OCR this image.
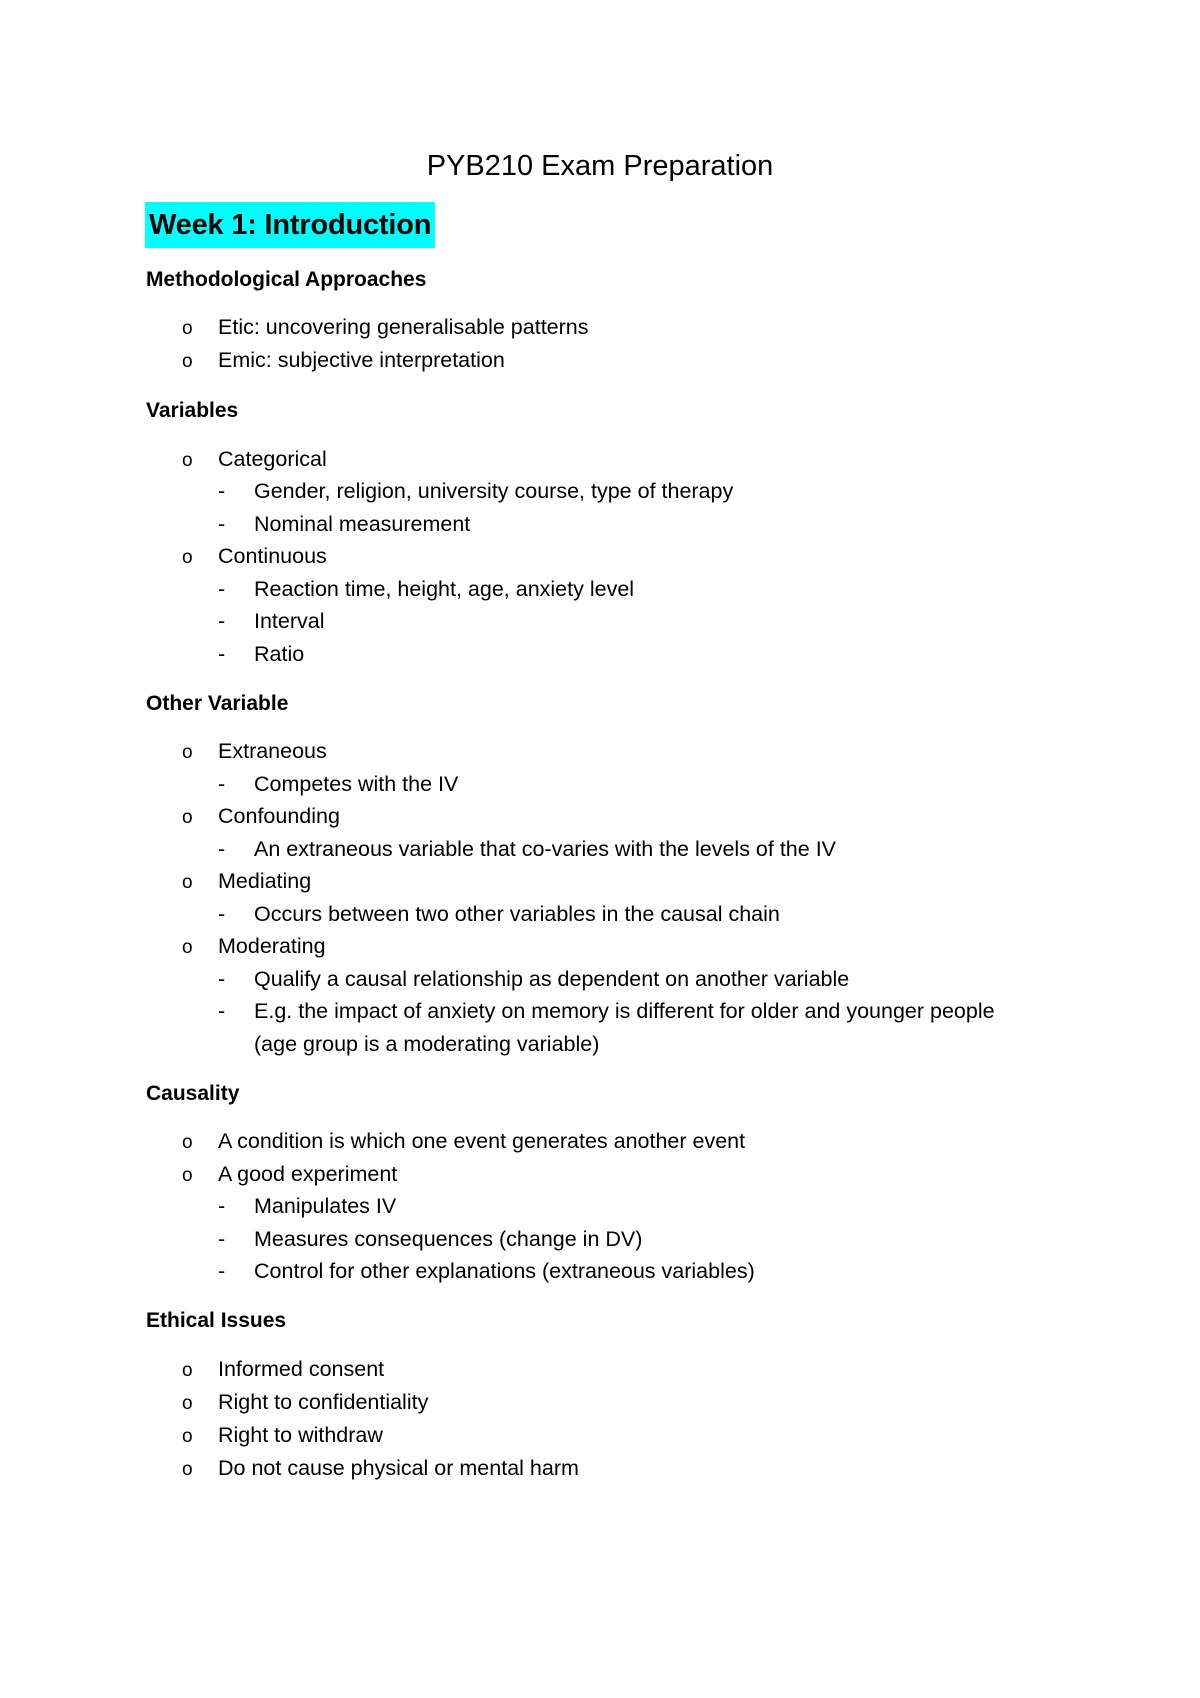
PYB210 Exam Preparation
Week 1: Introduction
Methodological Approaches
o Etic: uncovering generalisable patterns
o Emic: subjective interpretation
Variables
o Categorical
- Gender, religion, university course, type of therapy
- Nominal measurement
o Continuous
- Reaction time, height, age, anxiety level
- Interval
- Ratio
Other Variable
o Extraneous
- Competes with the IV
o Confounding
- An extraneous variable that co-varies with the levels of the IV
o Mediating
- Occurs between two other variables in the causal chain
o Moderating
- Qualify a causal relationship as dependent on another variable
- E.g. the impact of anxiety on memory is different for older and younger people
(age group is a moderating variable)
Causality
o A condition is which one event generates another event
o A good experiment
- Manipulates IV
- Measures consequences (change in DV)
- Control for other explanations (extraneous variables)
Ethical Issues
o Informed consent
o Right to confidentiality
o Right to withdraw
o Do not cause physical or mental harm
